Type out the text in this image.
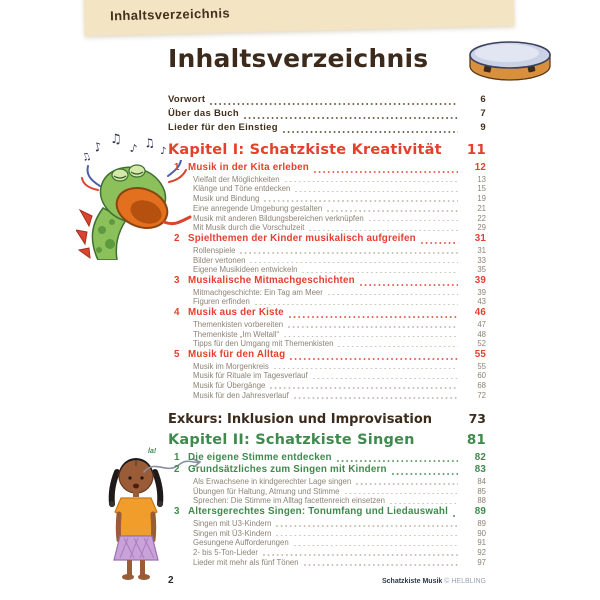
Inhaltsverzeichnis
♪ ♫
♪ ♫
♪
♫
la!
Inhaltsverzeichnis
Vorwort	6
Über das Buch	7
Lieder für den Einstieg	9
Kapitel I: Schatzkiste Kreativität	11
1 Musik in der Kita erleben	12
Vielfalt der Möglichkeiten	13
Klänge und Töne entdecken	15
Musik und Bindung	19
Eine anregende Umgebung gestalten	21
Musik mit anderen Bildungsbereichen verknüpfen	22
Mit Musik durch die Vorschulzeit	29
2 Spielthemen der Kinder musikalisch aufgreifen	31
Rollenspiele	31
Bilder vertonen	33
Eigene Musikideen entwickeln	35
3 Musikalische Mitmachgeschichten	39
Mitmachgeschichte: Ein Tag am Meer	39
Figuren erfinden	43
4 Musik aus der Kiste	46
Themenkisten vorbereiten	47
Themenkiste „Im Weltall“	48
Tipps für den Umgang mit Themenkisten	52
5 Musik für den Alltag	55
Musik im Morgenkreis	55
Musik für Rituale im Tagesverlauf	60
Musik für Übergänge	68
Musik für den Jahresverlauf	72
Exkurs: Inklusion und Improvisation	73
Kapitel II: Schatzkiste Singen	81
1 Die eigene Stimme entdecken	82
2 Grundsätzliches zum Singen mit Kindern	83
Als Erwachsene in kindgerechter Lage singen	84
Übungen für Haltung, Atmung und Stimme	85
Sprechen: Die Stimme im Alltag facettenreich einsetzen	88
3 Altersgerechtes Singen: Tonumfang und Liedauswahl	89
Singen mit U3-Kindern	89
Singen mit Ü3-Kindern	90
Gesungene Aufforderungen	91
2- bis 5-Ton-Lieder	92
Lieder mit mehr als fünf Tönen	97
2	Schatzkiste Musik © HELBLING
